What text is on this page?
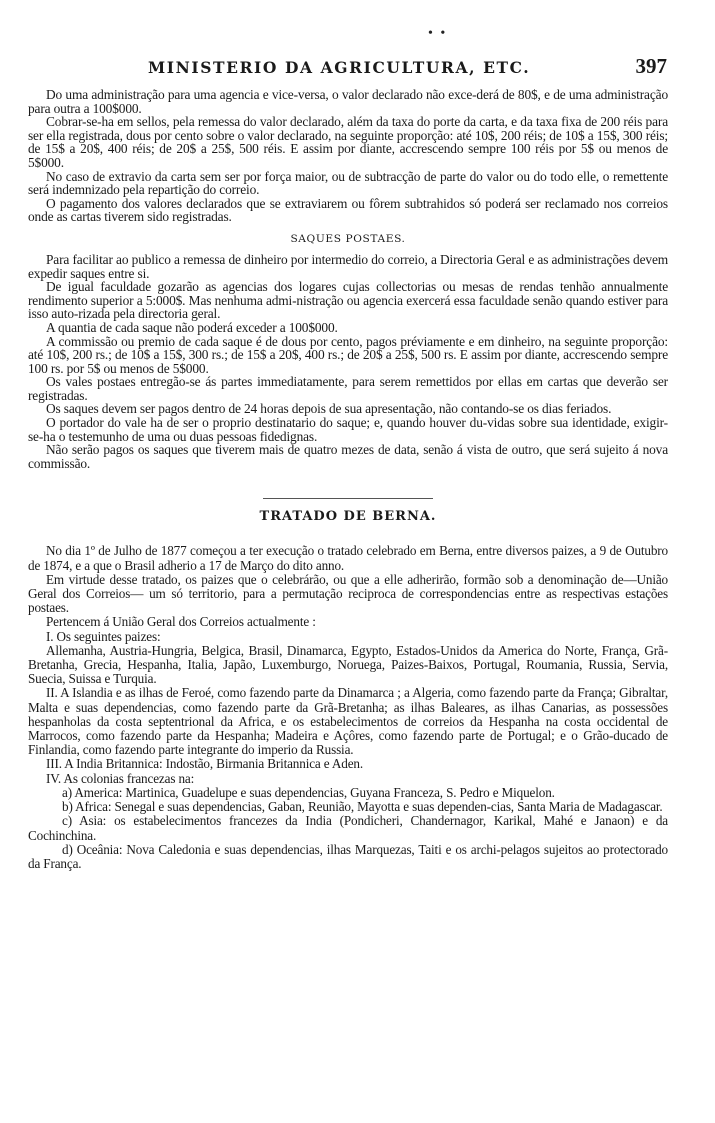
• •
MINISTERIO DA AGRICULTURA, ETC.	397

Do uma administração para uma agencia e vice-versa, o valor declarado não exce-derá de 80$, e de uma administração para outra a 100$000.

Cobrar-se-ha em sellos, pela remessa do valor declarado, além da taxa do porte da carta, e da taxa fixa de 200 réis para ser ella registrada, dous por cento sobre o valor declarado, na seguinte proporção: até 10$, 200 réis; de 10$ a 15$, 300 réis; de 15$ a 20$, 400 réis; de 20$ a 25$, 500 réis. E assim por diante, accrescendo sempre 100 réis por 5$ ou menos de 5$000.

No caso de extravio da carta sem ser por força maior, ou de subtracção de parte do valor ou do todo elle, o remettente será indemnizado pela repartição do correio.

O pagamento dos valores declarados que se extraviarem ou fôrem subtrahidos só poderá ser reclamado nos correios onde as cartas tiverem sido registradas.

SAQUES POSTAES.

Para facilitar ao publico a remessa de dinheiro por intermedio do correio, a Directoria Geral e as administrações devem expedir saques entre si.

De igual faculdade gozarão as agencias dos logares cujas collectorias ou mesas de rendas tenhão annualmente rendimento superior a 5:000$. Mas nenhuma admi-nistração ou agencia exercerá essa faculdade senão quando estiver para isso auto-rizada pela directoria geral.

A quantia de cada saque não poderá exceder a 100$000.

A commissão ou premio de cada saque é de dous por cento, pagos préviamente e em dinheiro, na seguinte proporção: até 10$, 200 rs.; de 10$ a 15$, 300 rs.; de 15$ a 20$, 400 rs.; de 20$ a 25$, 500 rs. E assim por diante, accrescendo sempre 100 rs. por 5$ ou menos de 5$000.

Os vales postaes entregão-se ás partes immediatamente, para serem remettidos por ellas em cartas que deverão ser registradas.

Os saques devem ser pagos dentro de 24 horas depois de sua apresentação, não contando-se os dias feriados.

O portador do vale ha de ser o proprio destinatario do saque; e, quando houver du-vidas sobre sua identidade, exigir-se-ha o testemunho de uma ou duas pessoas fidedignas.

Não serão pagos os saques que tiverem mais de quatro mezes de data, senão á vista de outro, que será sujeito á nova commissão.

TRATADO DE BERNA.

No dia 1º de Julho de 1877 começou a ter execução o tratado celebrado em Berna, entre diversos paizes, a 9 de Outubro de 1874, e a que o Brasil adherio a 17 de Março do dito anno.

Em virtude desse tratado, os paizes que o celebrárão, ou que a elle adherirão, formão sob a denominação de—União Geral dos Correios— um só territorio, para a permutação reciproca de correspondencias entre as respectivas estações postaes.

Pertencem á União Geral dos Correios actualmente :

I. Os seguintes paizes:

Allemanha, Austria-Hungria, Belgica, Brasil, Dinamarca, Egypto, Estados-Unidos da America do Norte, França, Grã-Bretanha, Grecia, Hespanha, Italia, Japão, Luxemburgo, Noruega, Paizes-Baixos, Portugal, Roumania, Russia, Servia, Suecia, Suissa e Turquia.

II. A Islandia e as ilhas de Feroé, como fazendo parte da Dinamarca ; a Algeria, como fazendo parte da França; Gibraltar, Malta e suas dependencias, como fazendo parte da Grã-Bretanha; as ilhas Baleares, as ilhas Canarias, as possessões hespanholas da costa septentrional da Africa, e os estabelecimentos de correios da Hespanha na costa occidental de Marrocos, como fazendo parte da Hespanha; Madeira e Açôres, como fazendo parte de Portugal; e o Grão-ducado de Finlandia, como fazendo parte integrante do imperio da Russia.

III. A India Britannica: Indostão, Birmania Britannica e Aden.

IV. As colonias francezas na:

a) America: Martinica, Guadelupe e suas dependencias, Guyana Franceza, S. Pedro e Miquelon.

b) Africa: Senegal e suas dependencias, Gaban, Reunião, Mayotta e suas dependen-cias, Santa Maria de Madagascar.

c) Asia: os estabelecimentos francezes da India (Pondicheri, Chandernagor, Karikal, Mahé e Janaon) e da Cochinchina.

d) Oceânia: Nova Caledonia e suas dependencias, ilhas Marquezas, Taiti e os archi-pelagos sujeitos ao protectorado da França.
